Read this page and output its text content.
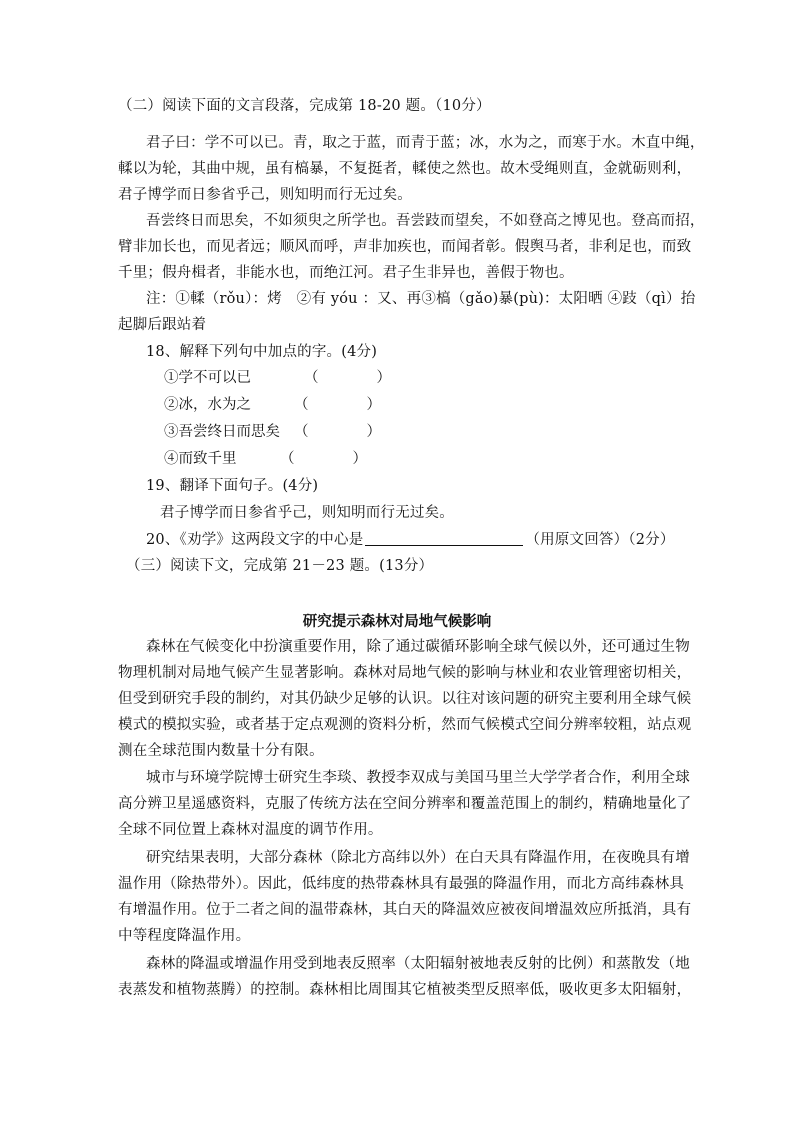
（二）阅读下面的文言段落，完成第 18-20 题。（10分）
君子曰：学不可以已。青，取之于蓝，而青于蓝；冰，水为之，而寒于水。木直中绳，
輮以为轮，其曲中规，虽有槁暴，不复挺者，輮使之然也。故木受绳则直，金就砺则利，
君子博学而日参省乎己，则知明而行无过矣。
吾尝终日而思矣，不如须臾之所学也。吾尝跂而望矣，不如登高之博见也。登高而招，
臂非加长也，而见者远；顺风而呼，声非加疾也，而闻者彰。假舆马者，非利足也，而致
千里；假舟楫者，非能水也，而绝江河。君子生非异也，善假于物也。
注：①輮（rǒu）：烤　②有 yóu ：又、再③槁（gǎo)暴(pù)：太阳晒 ④跂（qì）抬
起脚后跟站着
18、解释下列句中加点的字。(4分)
①学不可以已	（　　　　）
②冰，水为之	（　　　　）
③吾尝终日而思矣 （　　　　）
④而致千里	（　　　　）
19、翻译下面句子。(4分)
君子博学而日参省乎己，则知明而行无过矣。
20、《劝学》这两段文字的中心是	（用原文回答）（2分）
（三）阅读下文，完成第 21－23 题。(13分）
研究提示森林对局地气候影响
森林在气候变化中扮演重要作用，除了通过碳循环影响全球气候以外，还可通过生物
物理机制对局地气候产生显著影响。森林对局地气候的影响与林业和农业管理密切相关，
但受到研究手段的制约，对其仍缺少足够的认识。以往对该问题的研究主要利用全球气候
模式的模拟实验，或者基于定点观测的资料分析，然而气候模式空间分辨率较粗，站点观
测在全球范围内数量十分有限。
城市与环境学院博士研究生李琰、教授李双成与美国马里兰大学学者合作，利用全球
高分辨卫星遥感资料，克服了传统方法在空间分辨率和覆盖范围上的制约，精确地量化了
全球不同位置上森林对温度的调节作用。
研究结果表明，大部分森林（除北方高纬以外）在白天具有降温作用，在夜晚具有增
温作用（除热带外）。因此，低纬度的热带森林具有最强的降温作用，而北方高纬森林具
有增温作用。位于二者之间的温带森林，其白天的降温效应被夜间增温效应所抵消，具有
中等程度降温作用。
森林的降温或增温作用受到地表反照率（太阳辐射被地表反射的比例）和蒸散发（地
表蒸发和植物蒸腾）的控制。森林相比周围其它植被类型反照率低，吸收更多太阳辐射，
